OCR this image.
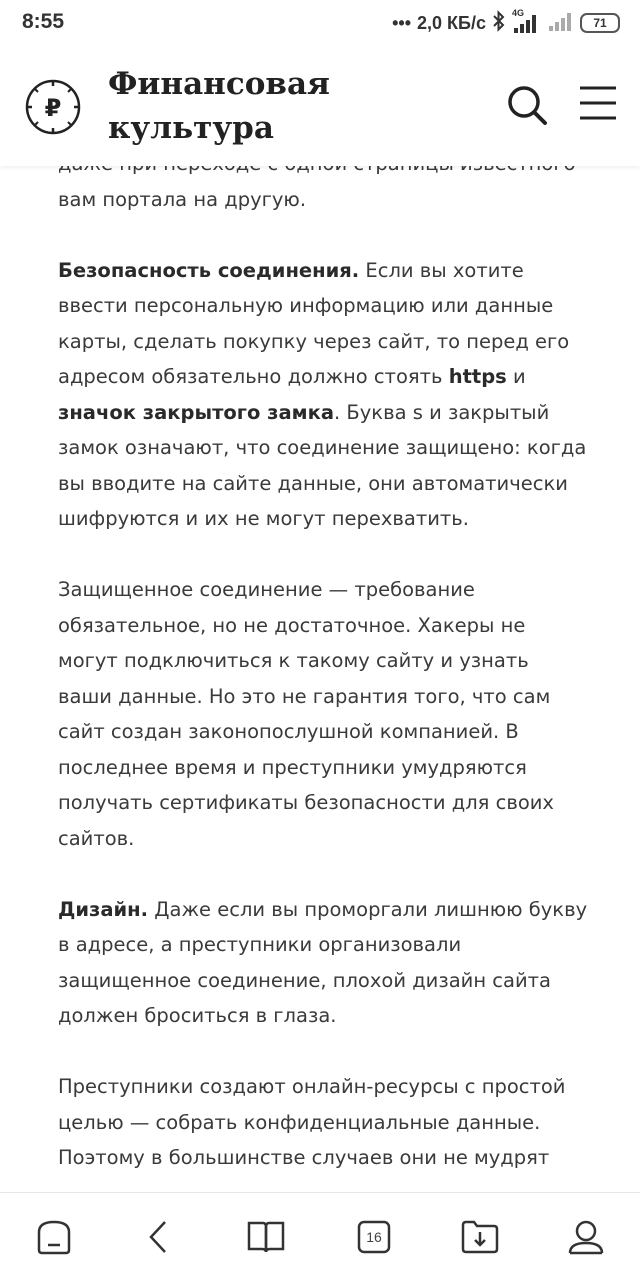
8:55	••• 2,0 КБ/с	4G
71
₽
Финансовая
культура

вам портала на другую.

Безопасность соединения. Если вы хотите ввести персональную информацию или данные карты, сделать покупку через сайт, то перед его адресом обязательно должно стоять https и значок закрытого замка. Буква s и закрытый замок означают, что соединение защищено: когда вы вводите на сайте данные, они автоматически шифруются и их не могут перехватить.

Защищенное соединение — требование обязательное, но не достаточное. Хакеры не могут подключиться к такому сайту и узнать ваши данные. Но это не гарантия того, что сам сайт создан законопослушной компанией. В последнее время и преступники умудряются получать сертификаты безопасности для своих сайтов.

Дизайн. Даже если вы проморгали лишнюю букву в адресе, а преступники организовали защищенное соединение, плохой дизайн сайта должен броситься в глаза.

Преступники создают онлайн-ресурсы с простой целью — собрать конфиденциальные данные. Поэтому в большинстве случаев они не мудрят

16
